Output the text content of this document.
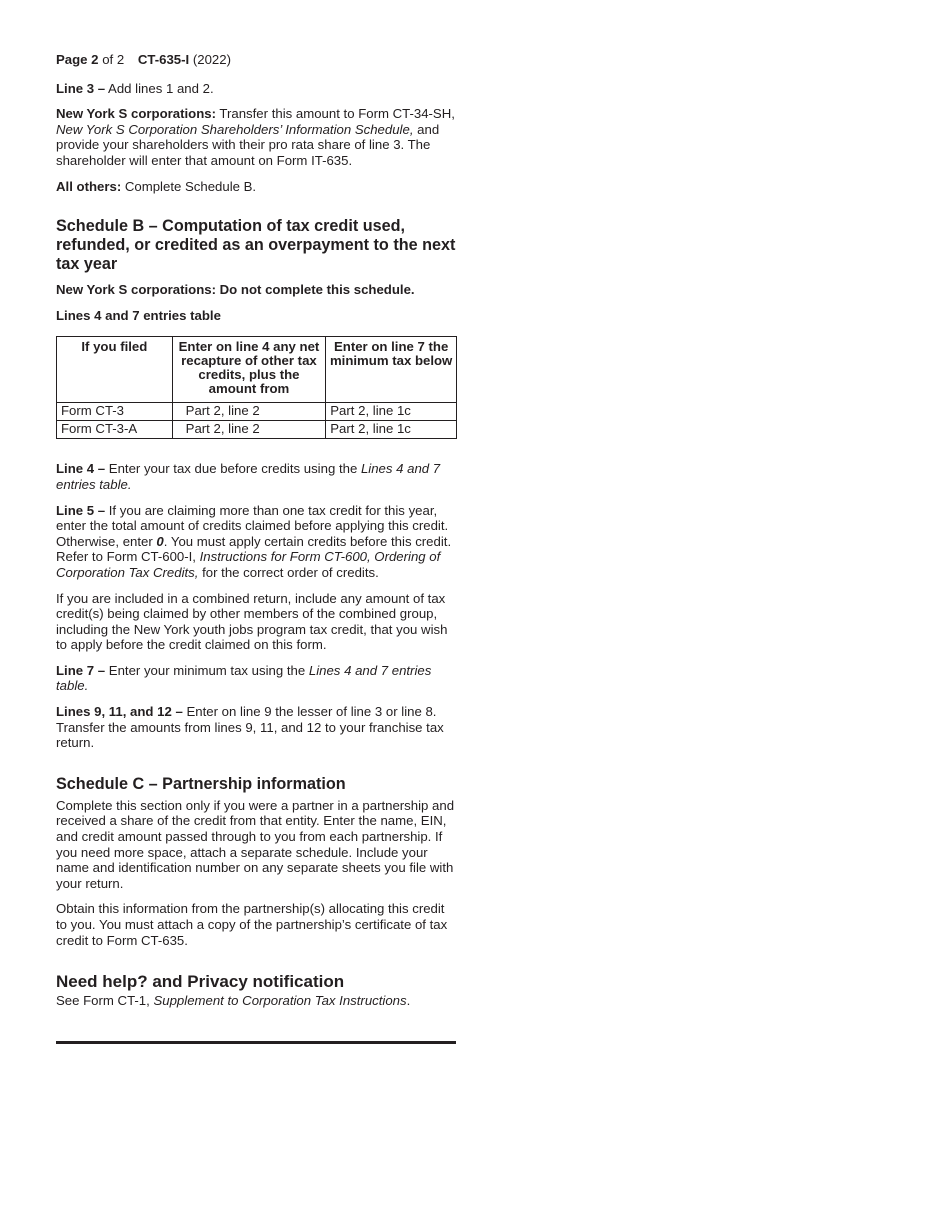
Page 2 of 2 CT-635-I (2022)

Line 3 – Add lines 1 and 2.

New York S corporations: Transfer this amount to Form CT-34-SH, New York S Corporation Shareholders’ Information Schedule, and provide your shareholders with their pro rata share of line 3. The shareholder will enter that amount on Form IT-635.

All others: Complete Schedule B.

Schedule B – Computation of tax credit used, refunded, or credited as an overpayment to the next tax year

New York S corporations: Do not complete this schedule.

Lines 4 and 7 entries table

If you filed	Enter on line 4 any net recapture of other tax credits, plus the amount from	Enter on line 7 the minimum tax below
Form CT-3	Part 2, line 2	Part 2, line 1c
Form CT-3-A	Part 2, line 2	Part 2, line 1c

Line 4 – Enter your tax due before credits using the Lines 4 and 7 entries table.

Line 5 – If you are claiming more than one tax credit for this year, enter the total amount of credits claimed before applying this credit. Otherwise, enter 0. You must apply certain credits before this credit. Refer to Form CT-600-I, Instructions for Form CT-600, Ordering of Corporation Tax Credits, for the correct order of credits.

If you are included in a combined return, include any amount of tax credit(s) being claimed by other members of the combined group, including the New York youth jobs program tax credit, that you wish to apply before the credit claimed on this form.

Line 7 – Enter your minimum tax using the Lines 4 and 7 entries table.

Lines 9, 11, and 12 – Enter on line 9 the lesser of line 3 or line 8. Transfer the amounts from lines 9, 11, and 12 to your franchise tax return.

Schedule C – Partnership information

Complete this section only if you were a partner in a partnership and received a share of the credit from that entity. Enter the name, EIN, and credit amount passed through to you from each partnership. If you need more space, attach a separate schedule. Include your name and identification number on any separate sheets you file with your return.

Obtain this information from the partnership(s) allocating this credit to you. You must attach a copy of the partnership’s certificate of tax credit to Form CT-635.

Need help? and Privacy notification

See Form CT-1, Supplement to Corporation Tax Instructions.
